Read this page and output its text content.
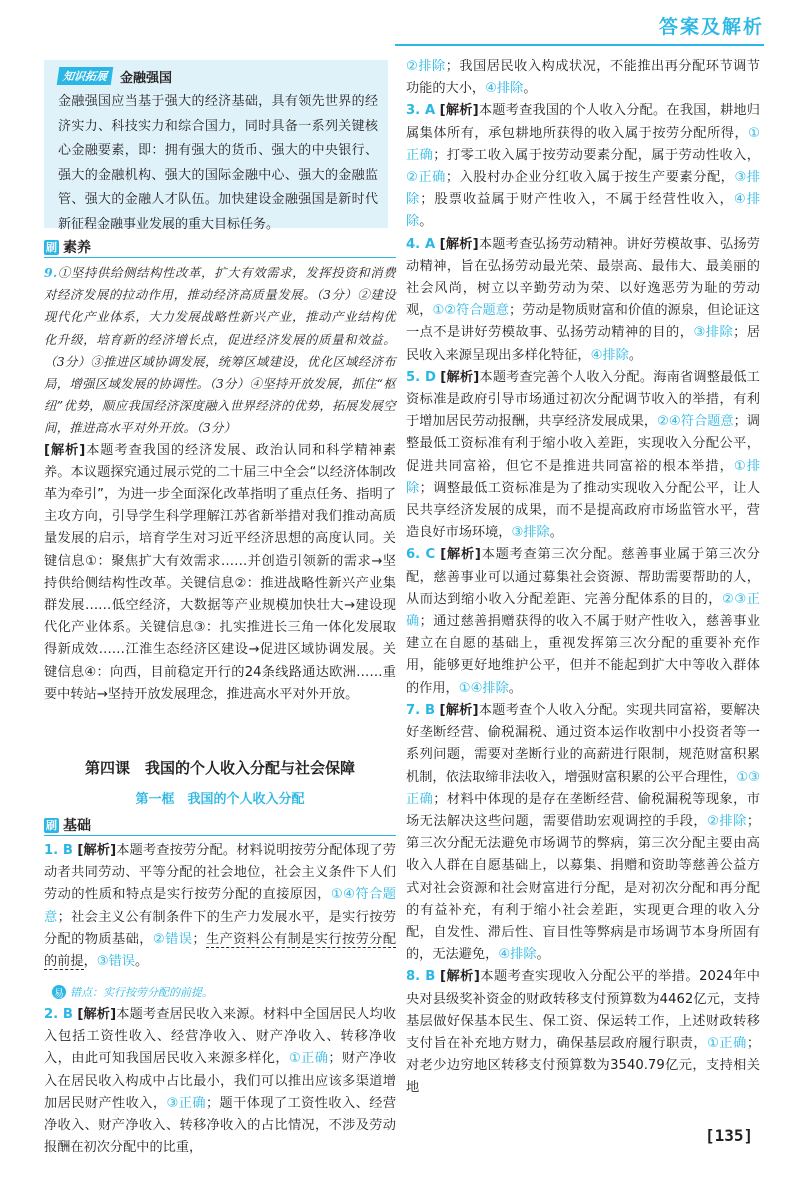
答案及解析
知识拓展 金融强国
金融强国应当基于强大的经济基础，具有领先世界的经济实力、科技实力和综合国力，同时具备一系列关键核心金融要素，即：拥有强大的货币、强大的中央银行、强大的金融机构、强大的国际金融中心、强大的金融监管、强大的金融人才队伍。加快建设金融强国是新时代新征程金融事业发展的重大目标任务。
刷 素养

9.①坚持供给侧结构性改革，扩大有效需求，发挥投资和消费对经济发展的拉动作用，推动经济高质量发展。（3分）②建设现代化产业体系，大力发展战略性新兴产业，推动产业结构优化升级，培育新的经济增长点，促进经济发展的质量和效益。（3分）③推进区域协调发展，统筹区域建设，优化区域经济布局，增强区域发展的协调性。（3分）④坚持开放发展，抓住“枢纽”优势，顺应我国经济深度融入世界经济的优势，拓展发展空间，推进高水平对外开放。（3分）

[解析]本题考查我国的经济发展、政治认同和科学精神素养。本议题探究通过展示党的二十届三中全会“以经济体制改革为牵引”，为进一步全面深化改革指明了重点任务、指明了主攻方向，引导学生科学理解江苏省新举措对我们推动高质量发展的启示，培育学生对习近平经济思想的高度认同。关键信息①：聚焦扩大有效需求……并创造引领新的需求→坚持供给侧结构性改革。关键信息②：推进战略性新兴产业集群发展……低空经济，大数据等产业规模加快壮大→建设现代化产业体系。关键信息③：扎实推进长三角一体化发展取得新成效……江淮生态经济区建设→促进区域协调发展。关键信息④：向西，目前稳定开行的24条线路通达欧洲……重要中转站→坚持开放发展理念，推进高水平对外开放。

第四课　我国的个人收入分配与社会保障
第一框　我国的个人收入分配
刷 基础

1. B [解析]本题考查按劳分配。材料说明按劳分配体现了劳动者共同劳动、平等分配的社会地位，社会主义条件下人们劳动的性质和特点是实行按劳分配的直接原因，①④符合题意；社会主义公有制条件下的生产力发展水平，是实行按劳分配的物质基础，②错误；生产资料公有制是实行按劳分配的前提，③错误。

易 错点：实行按劳分配的前提。

2. B [解析]本题考查居民收入来源。材料中全国居民人均收入包括工资性收入、经营净收入、财产净收入、转移净收入，由此可知我国居民收入来源多样化，①正确；财产净收入在居民收入构成中占比最小，我们可以推出应该多渠道增加居民财产性收入，③正确；题干体现了工资性收入、经营净收入、财产净收入、转移净收入的占比情况，不涉及劳动报酬在初次分配中的比重，

②排除；我国居民收入构成状况，不能推出再分配环节调节功能的大小，④排除。

3. A [解析]本题考查我国的个人收入分配。在我国，耕地归属集体所有，承包耕地所获得的收入属于按劳分配所得，①正确；打零工收入属于按劳动要素分配，属于劳动性收入，②正确；入股村办企业分红收入属于按生产要素分配，③排除；股票收益属于财产性收入，不属于经营性收入，④排除。

4. A [解析]本题考查弘扬劳动精神。讲好劳模故事、弘扬劳动精神，旨在弘扬劳动最光荣、最崇高、最伟大、最美丽的社会风尚，树立以辛勤劳动为荣、以好逸恶劳为耻的劳动观，①②符合题意；劳动是物质财富和价值的源泉，但论证这一点不是讲好劳模故事、弘扬劳动精神的目的，③排除；居民收入来源呈现出多样化特征，④排除。

5. D [解析]本题考查完善个人收入分配。海南省调整最低工资标准是政府引导市场通过初次分配调节收入的举措，有利于增加居民劳动报酬，共享经济发展成果，②④符合题意；调整最低工资标准有利于缩小收入差距，实现收入分配公平，促进共同富裕，但它不是推进共同富裕的根本举措，①排除；调整最低工资标准是为了推动实现收入分配公平，让人民共享经济发展的成果，而不是提高政府市场监管水平，营造良好市场环境，③排除。

6. C [解析]本题考查第三次分配。慈善事业属于第三次分配，慈善事业可以通过募集社会资源、帮助需要帮助的人，从而达到缩小收入分配差距、完善分配体系的目的，②③正确；通过慈善捐赠获得的收入不属于财产性收入，慈善事业建立在自愿的基础上，重视发挥第三次分配的重要补充作用，能够更好地维护公平，但并不能起到扩大中等收入群体的作用，①④排除。

7. B [解析]本题考查个人收入分配。实现共同富裕，要解决好垄断经营、偷税漏税、通过资本运作收割中小投资者等一系列问题，需要对垄断行业的高薪进行限制，规范财富积累机制，依法取缔非法收入，增强财富积累的公平合理性，①③正确；材料中体现的是存在垄断经营、偷税漏税等现象，市场无法解决这些问题，需要借助宏观调控的手段，②排除；第三次分配无法避免市场调节的弊病，第三次分配主要由高收入人群在自愿基础上，以募集、捐赠和资助等慈善公益方式对社会资源和社会财富进行分配，是对初次分配和再分配的有益补充，有利于缩小社会差距，实现更合理的收入分配，自发性、滞后性、盲目性等弊病是市场调节本身所固有的，无法避免，④排除。

8. B [解析]本题考查实现收入分配公平的举措。2024年中央对县级奖补资金的财政转移支付预算数为4462亿元，支持基层做好保基本民生、保工资、保运转工作，上述财政转移支付旨在补充地方财力，确保基层政府履行职责，①正确；对老少边穷地区转移支付预算数为3540.79亿元，支持相关地

[135]
